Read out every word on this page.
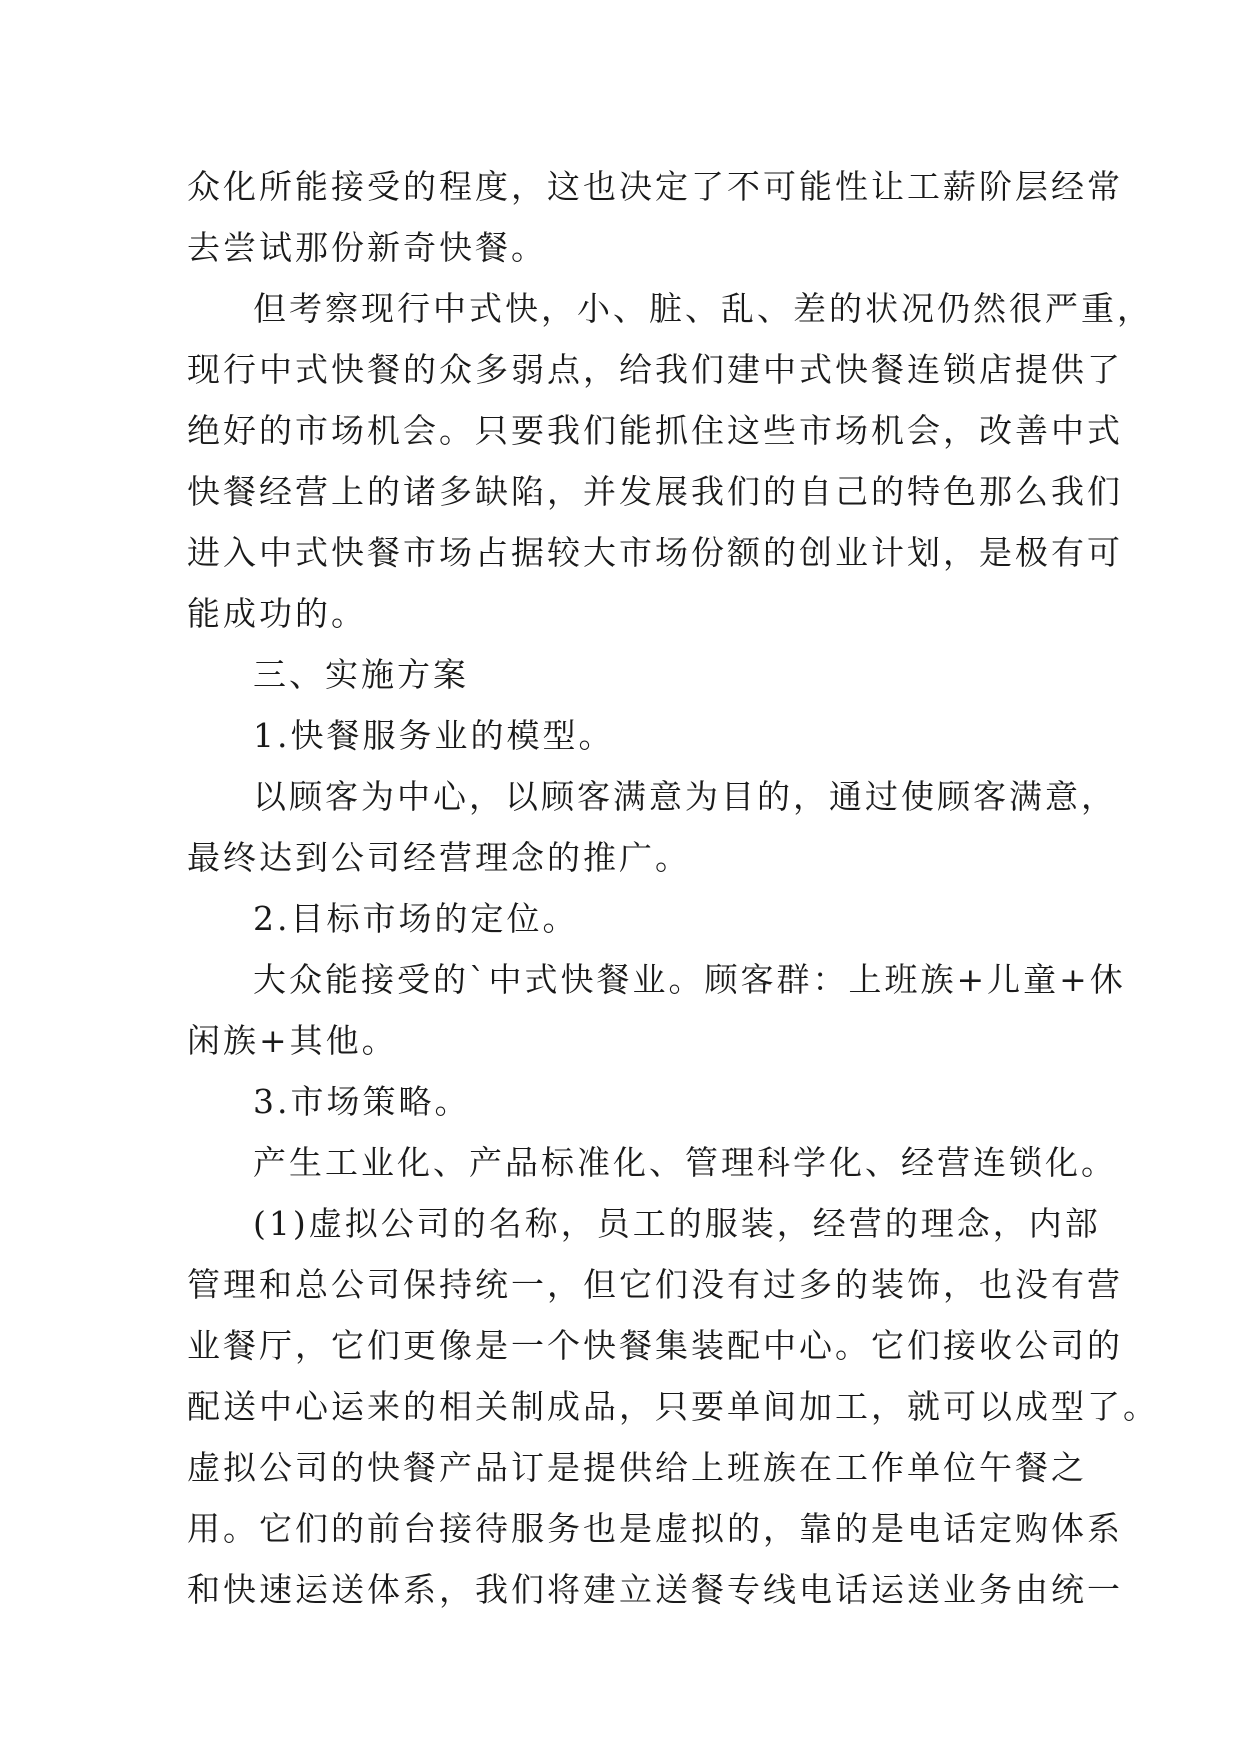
众化所能接受的程度，这也决定了不可能性让工薪阶层经常
去尝试那份新奇快餐。
但考察现行中式快，小、脏、乱、差的状况仍然很严重，
现行中式快餐的众多弱点，给我们建中式快餐连锁店提供了
绝好的市场机会。只要我们能抓住这些市场机会，改善中式
快餐经营上的诸多缺陷，并发展我们的自己的特色那么我们
进入中式快餐市场占据较大市场份额的创业计划，是极有可
能成功的。
三、实施方案
1.快餐服务业的模型。
以顾客为中心，以顾客满意为目的，通过使顾客满意，
最终达到公司经营理念的推广。
2.目标市场的定位。
大众能接受的`中式快餐业。顾客群：上班族+儿童+休
闲族+其他。
3.市场策略。
产生工业化、产品标准化、管理科学化、经营连锁化。
(1)虚拟公司的名称，员工的服装，经营的理念，内部
管理和总公司保持统一，但它们没有过多的装饰，也没有营
业餐厅，它们更像是一个快餐集装配中心。它们接收公司的
配送中心运来的相关制成品，只要单间加工，就可以成型了。
虚拟公司的快餐产品订是提供给上班族在工作单位午餐之
用。它们的前台接待服务也是虚拟的，靠的是电话定购体系
和快速运送体系，我们将建立送餐专线电话运送业务由统一
